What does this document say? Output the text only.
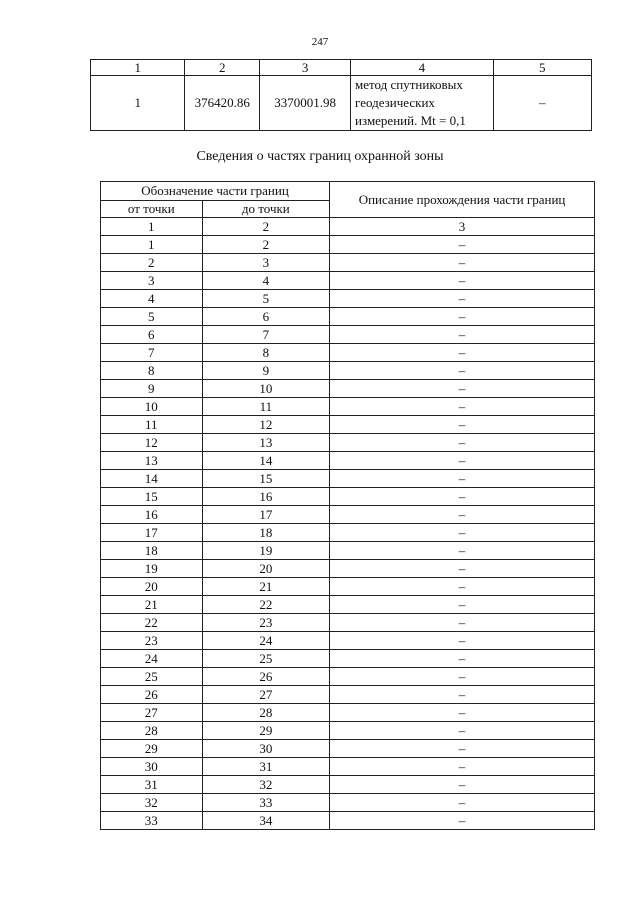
247
1	2	3	4	5
1	376420.86	3370001.98	метод спутниковых геодезических измерений. Mt = 0,1	–
Сведения о частях границ охранной зоны
Обозначение части границ		Описание прохождения части границ
от точки	до точки	
1	2	3
1	2	–
2	3	–
3	4	–
4	5	–
5	6	–
6	7	–
7	8	–
8	9	–
9	10	–
10	11	–
11	12	–
12	13	–
13	14	–
14	15	–
15	16	–
16	17	–
17	18	–
18	19	–
19	20	–
20	21	–
21	22	–
22	23	–
23	24	–
24	25	–
25	26	–
26	27	–
27	28	–
28	29	–
29	30	–
30	31	–
31	32	–
32	33	–
33	34	–
